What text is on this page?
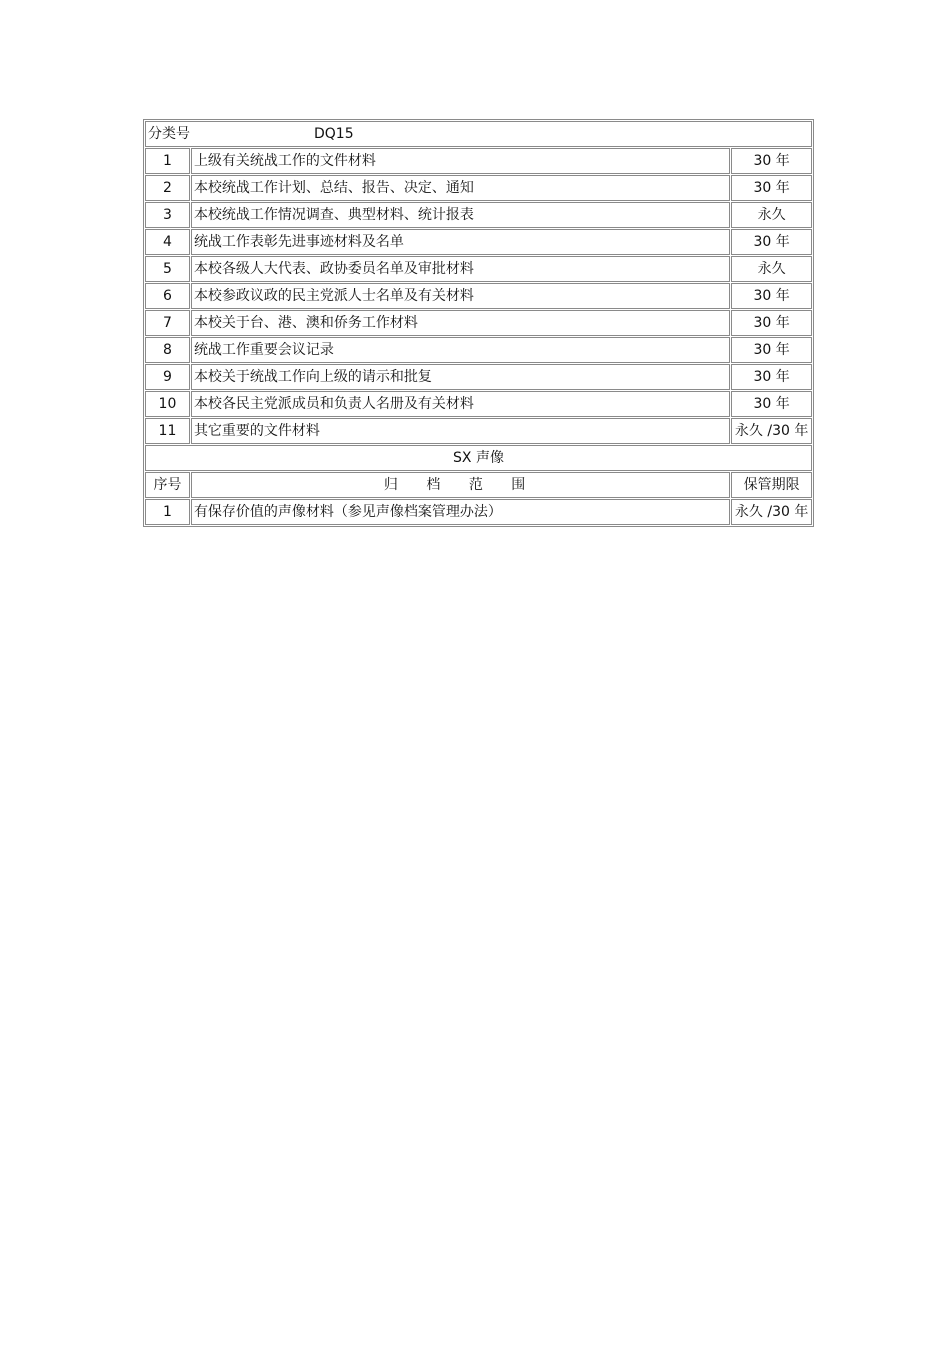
分类号 DQ15		
1	上级有关统战工作的文件材料	30 年
2	本校统战工作计划、总结、报告、决定、通知	30 年
3	本校统战工作情况调查、典型材料、统计报表	永久
4	统战工作表彰先进事迹材料及名单	30 年
5	本校各级人大代表、政协委员名单及审批材料	永久
6	本校参政议政的民主党派人士名单及有关材料	30 年
7	本校关于台、港、澳和侨务工作材料	30 年
8	统战工作重要会议记录	30 年
9	本校关于统战工作向上级的请示和批复	30 年
10	本校各民主党派成员和负责人名册及有关材料	30 年
11	其它重要的文件材料	永久 /30 年
SX 声像		
序号	归 档 范 围	保管期限
1	有保存价值的声像材料（参见声像档案管理办法）	永久 /30 年
